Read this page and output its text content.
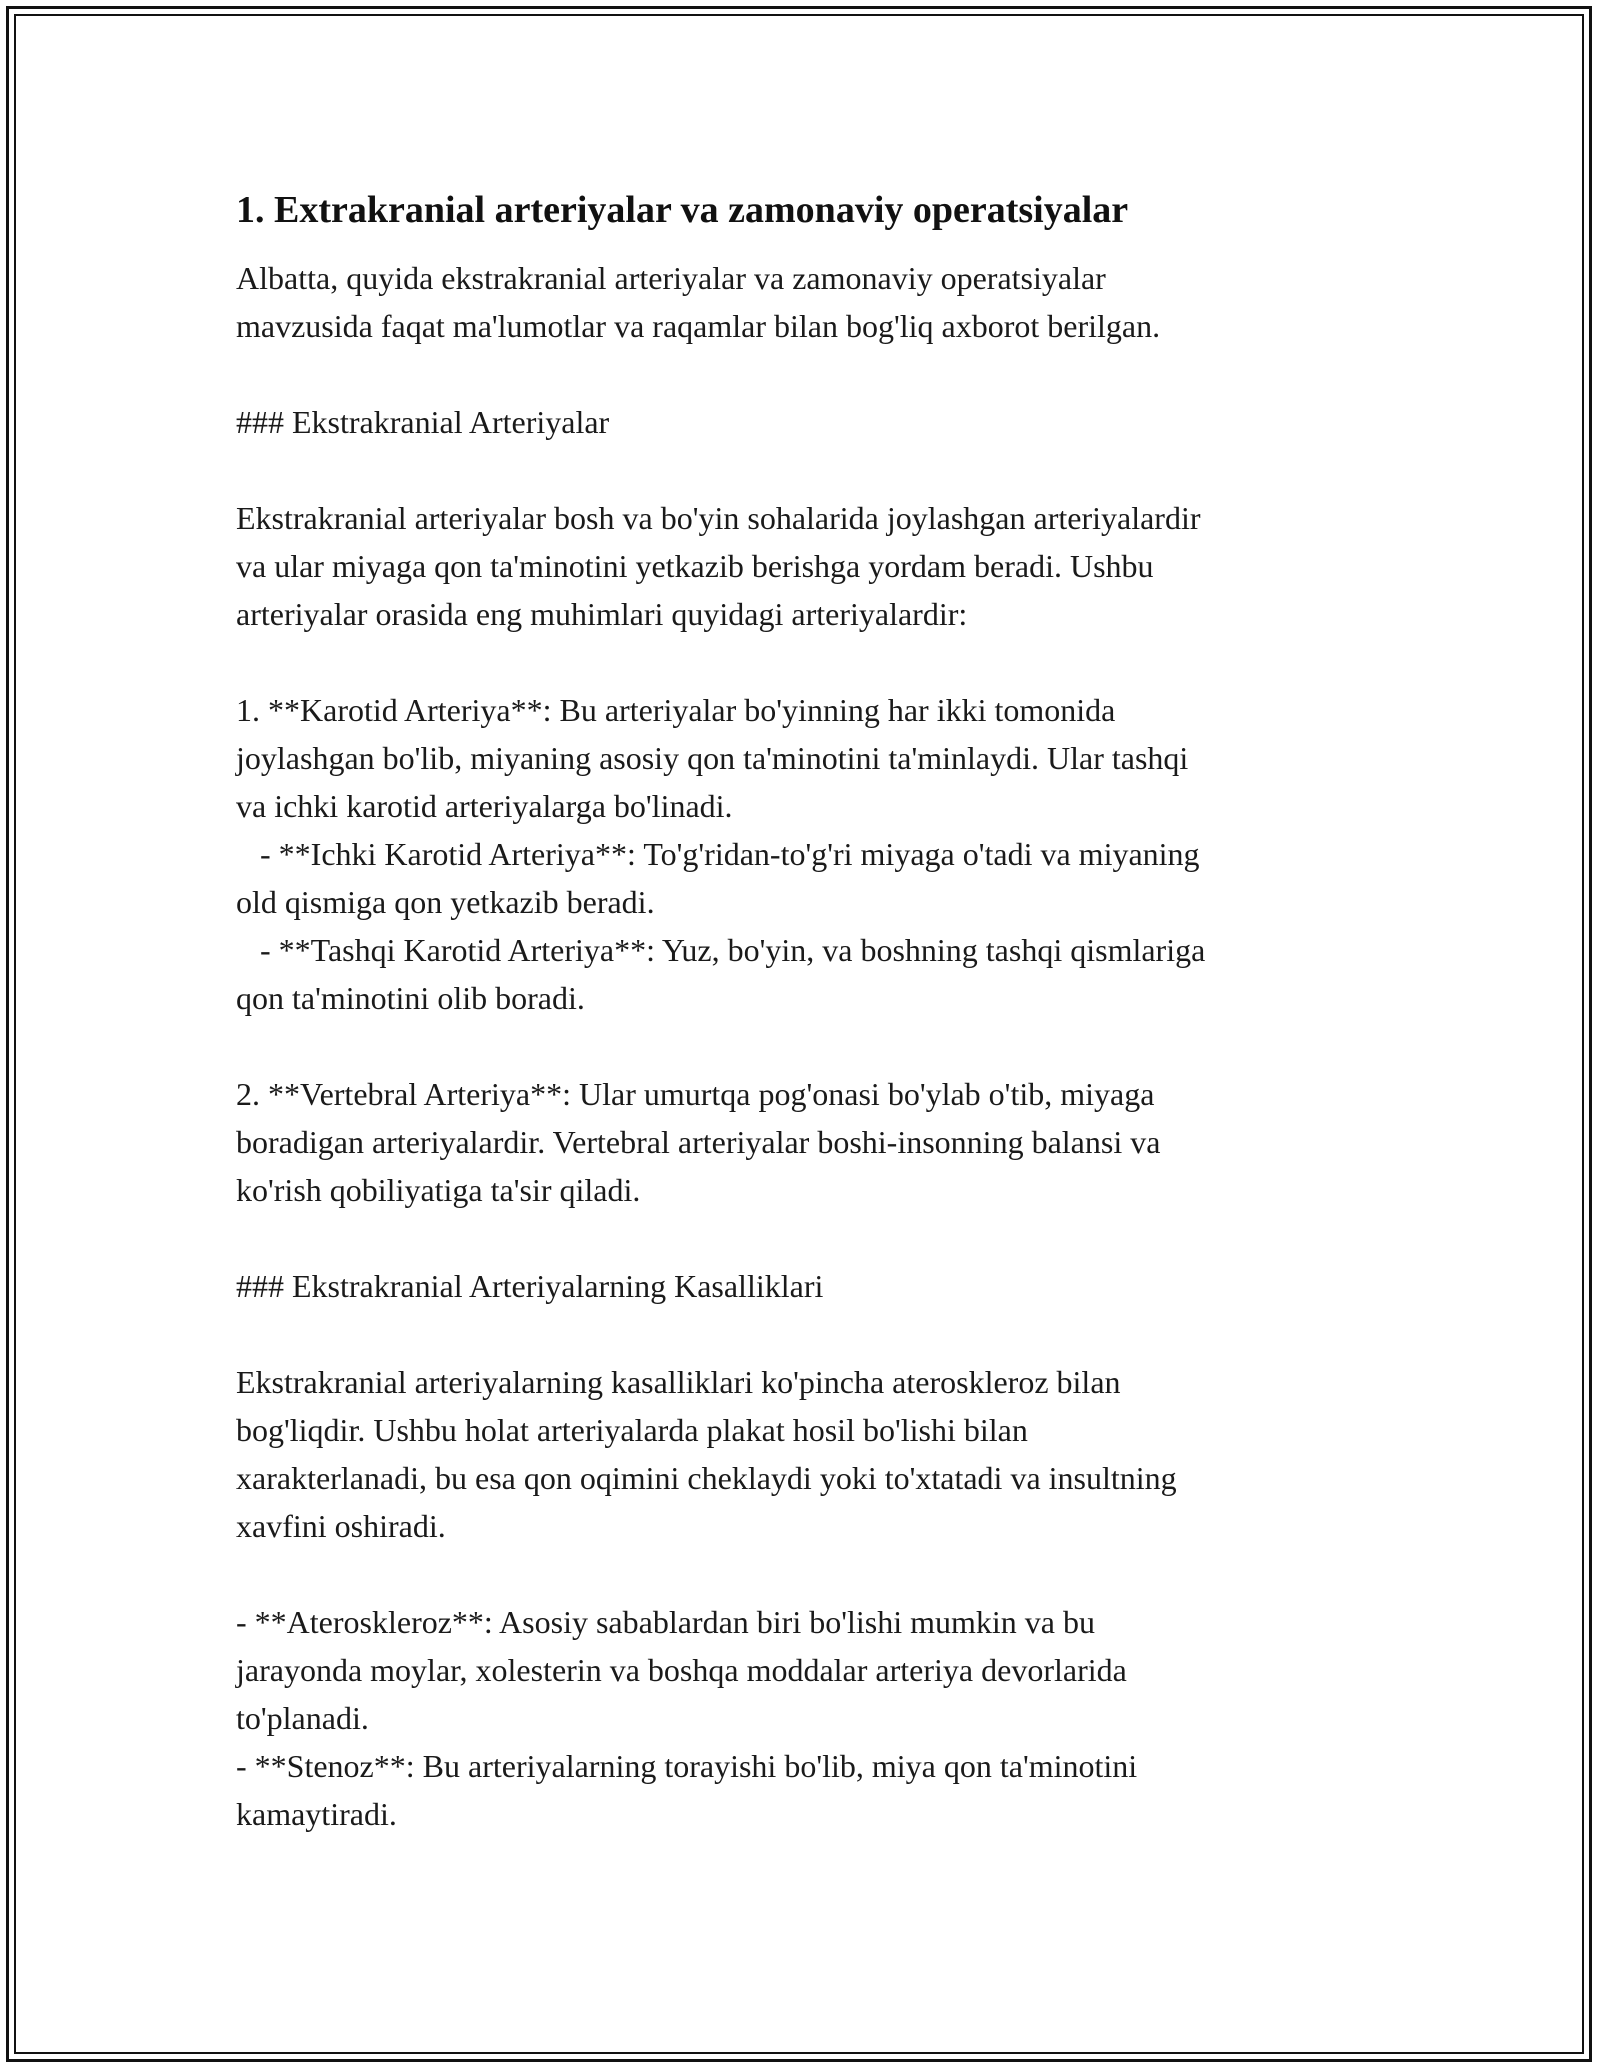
1. Extrakranial arteriyalar va zamonaviy operatsiyalar

Albatta, quyida ekstrakranial arteriyalar va zamonaviy operatsiyalar
mavzusida faqat ma'lumotlar va raqamlar bilan bog'liq axborot berilgan.

### Ekstrakranial Arteriyalar

Ekstrakranial arteriyalar bosh va bo'yin sohalarida joylashgan arteriyalardir
va ular miyaga qon ta'minotini yetkazib berishga yordam beradi. Ushbu
arteriyalar orasida eng muhimlari quyidagi arteriyalardir:

1. **Karotid Arteriya**: Bu arteriyalar bo'yinning har ikki tomonida
joylashgan bo'lib, miyaning asosiy qon ta'minotini ta'minlaydi. Ular tashqi
va ichki karotid arteriyalarga bo'linadi.
- **Ichki Karotid Arteriya**: To'g'ridan-to'g'ri miyaga o'tadi va miyaning
old qismiga qon yetkazib beradi.
- **Tashqi Karotid Arteriya**: Yuz, bo'yin, va boshning tashqi qismlariga
qon ta'minotini olib boradi.

2. **Vertebral Arteriya**: Ular umurtqa pog'onasi bo'ylab o'tib, miyaga
boradigan arteriyalardir. Vertebral arteriyalar boshi-insonning balansi va
ko'rish qobiliyatiga ta'sir qiladi.

### Ekstrakranial Arteriyalarning Kasalliklari

Ekstrakranial arteriyalarning kasalliklari ko'pincha ateroskleroz bilan
bog'liqdir. Ushbu holat arteriyalarda plakat hosil bo'lishi bilan
xarakterlanadi, bu esa qon oqimini cheklaydi yoki to'xtatadi va insultning
xavfini oshiradi.

- **Ateroskleroz**: Asosiy sabablardan biri bo'lishi mumkin va bu
jarayonda moylar, xolesterin va boshqa moddalar arteriya devorlarida
to'planadi.
- **Stenoz**: Bu arteriyalarning torayishi bo'lib, miya qon ta'minotini
kamaytiradi.
